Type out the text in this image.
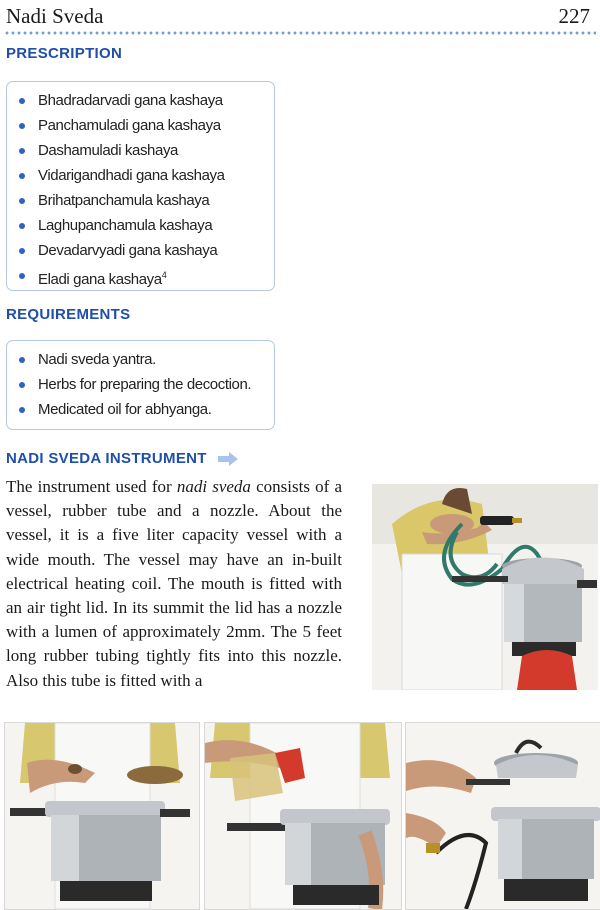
Nadi Sveda	227
PRESCRIPTION
Bhadradarvadi gana kashaya
Panchamuladi gana kashaya
Dashamuladi kashaya
Vidarigandhadi gana kashaya
Brihatpanchamula kashaya
Laghupanchamula kashaya
Devadarvyadi gana kashaya
Eladi gana kashaya$^4$
REQUIREMENTS
Nadi sveda yantra.
Herbs for preparing the decoction.
Medicated oil for abhyanga.
NADI SVEDA INSTRUMENT

The instrument used for nadi sveda consists of a vessel, rubber tube and a nozzle. About the vessel, it is a five liter capacity vessel with a wide mouth. The vessel may have an in-built electrical heating coil. The mouth is fitted with an air tight lid. In its summit the lid has a nozzle with a lumen of approximately 2mm. The 5 feet long rubber tubing tightly fits into this nozzle. Also this tube is fitted with a
